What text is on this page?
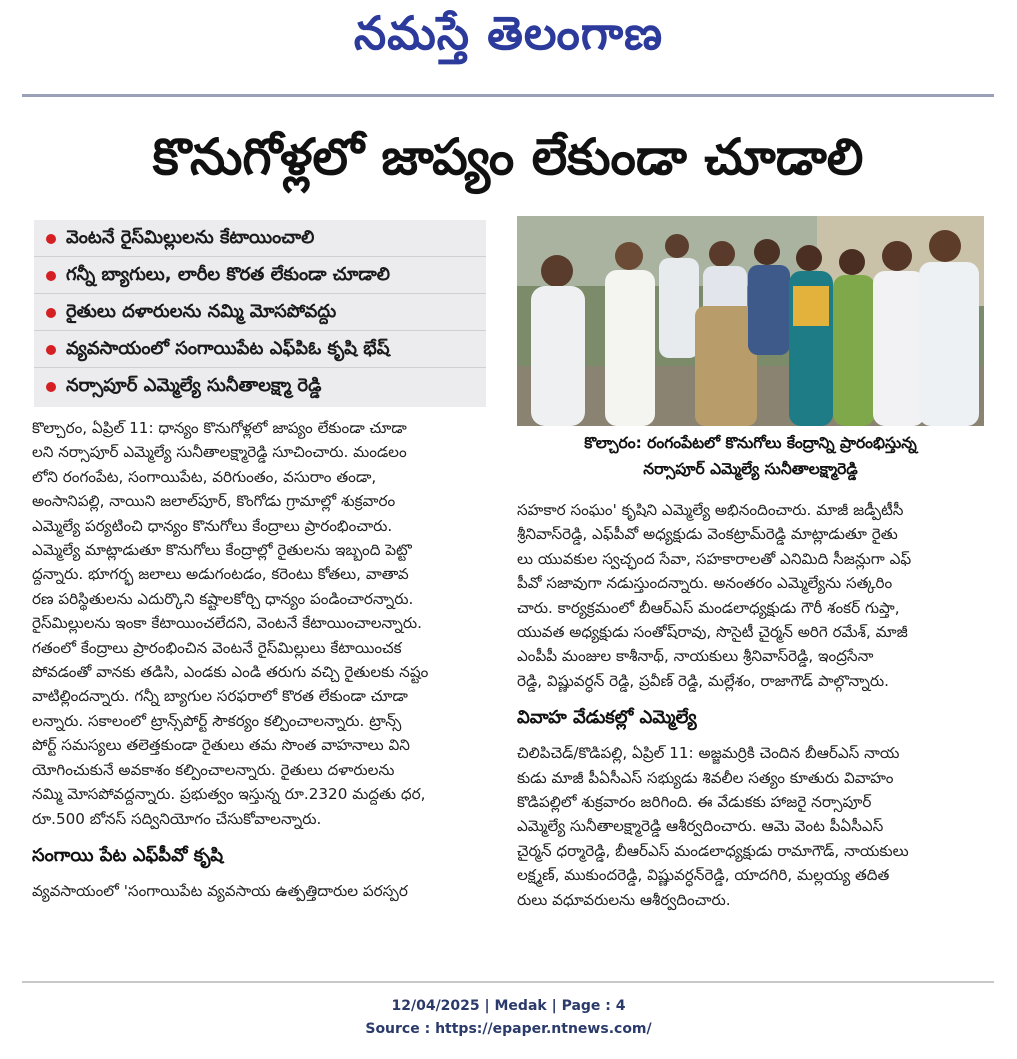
నమస్తే తెలంగాణ
కొనుగోళ్లలో జాప్యం లేకుండా చూడాలి
వెంటనే రైస్‌మిల్లులను కేటాయించాలి
గన్నీ బ్యాగులు, లారీల కొరత లేకుండా చూడాలి
రైతులు దళారులను నమ్మి మోసపోవద్దు
వ్యవసాయంలో సంగాయిపేట ఎఫ్‌పిఓ కృషి భేష్
నర్సాపూర్ ఎమ్మెల్యే సునీతాలక్ష్మా రెడ్డి
కొల్చారం: రంగంపేటలో కొనుగోలు కేంద్రాన్ని ప్రారంభిస్తున్న
నర్సాపూర్ ఎమ్మెల్యే సునీతాలక్ష్మారెడ్డి
కొల్చారం, ఏప్రిల్ 11: ధాన్యం కొనుగోళ్లలో జాప్యం లేకుండా చూడా
లని నర్సాపూర్ ఎమ్మెల్యే సునీతాలక్ష్మారెడ్డి సూచించారు. మండలం
లోని రంగంపేట, సంగాయిపేట, వరిగుంతం, వసురాం తండా,
అంసానిపల్లి, నాయిని జలాల్‌పూర్, కొంగోడు గ్రామాల్లో శుక్రవారం
ఎమ్మెల్యే పర్యటించి ధాన్యం కొనుగోలు కేంద్రాలు ప్రారంభించారు.
ఎమ్మెల్యే మాట్లాడుతూ కొనుగోలు కేంద్రాల్లో రైతులను ఇబ్బంది పెట్టొ
ద్దన్నారు. భూగర్భ జలాలు అడుగంటడం, కరెంటు కోతలు, వాతావ
రణ పరిస్థితులను ఎదుర్కొని కష్టాలకోర్చి ధాన్యం పండించారన్నారు.
రైస్‌మిల్లులను ఇంకా కేటాయించలేదని, వెంటనే కేటాయించాలన్నారు.
గతంలో కేంద్రాలు ప్రారంభించిన వెంటనే రైస్‌మిల్లులు కేటాయించక
పోవడంతో వానకు తడిసి, ఎండకు ఎండి తరుగు వచ్చి రైతులకు నష్టం
వాటిల్లిందన్నారు. గన్నీ బ్యాగుల సరఫరాలో కొరత లేకుండా చూడా
లన్నారు. సకాలంలో ట్రాన్స్‌పోర్ట్ సౌకర్యం కల్పించాలన్నారు. ట్రాన్స్
పోర్ట్ సమస్యలు తలెత్తకుండా రైతులు తమ సొంత వాహనాలు విని
యోగించుకునే అవకాశం కల్పించాలన్నారు. రైతులు దళారులను
నమ్మి మోసపోవద్దన్నారు. ప్రభుత్వం ఇస్తున్న రూ.2320 మద్దతు ధర,
రూ.500 బోనస్ సద్వినియోగం చేసుకోవాలన్నారు.
సంగాయి పేట ఎఫ్‌పీవో కృషి
వ్యవసాయంలో 'సంగాయిపేట వ్యవసాయ ఉత్పత్తిదారుల పరస్పర
సహకార సంఘం' కృషిని ఎమ్మెల్యే అభినందించారు. మాజీ జడ్పీటీసీ
శ్రీనివాస్‌రెడ్డి, ఎఫ్‌పీవో అధ్యక్షుడు వెంకట్రామ్‌రెడ్డి మాట్లాడుతూ రైతు
లు యువకుల స్వచ్ఛంద సేవా, సహకారాలతో ఎనిమిది సీజన్లుగా ఎఫ్
పీవో సజావుగా నడుస్తుందన్నారు. అనంతరం ఎమ్మెల్యేను సత్కరిం
చారు. కార్యక్రమంలో బీఆర్ఎస్ మండలాధ్యక్షుడు గౌరీ శంకర్ గుప్తా,
యువత అధ్యక్షుడు సంతోష్‌రావు, సొసైటీ చైర్మన్ అరిగె రమేశ్, మాజీ
ఎంపీపీ మంజుల కాశీనాథ్, నాయకులు శ్రీనివాస్‌రెడ్డి, ఇంద్రసేనా
రెడ్డి, విష్ణువర్ధన్ రెడ్డి, ప్రవీణ్ రెడ్డి, మల్లేశం, రాజాగౌడ్ పాల్గొన్నారు.
వివాహ వేడుకల్లో ఎమ్మెల్యే
చిలిపిచెడ్/కొడిపల్లి, ఏప్రిల్ 11: అజ్జమర్రికి చెందిన బీఆర్ఎస్ నాయ
కుడు మాజీ పీఏసీఎస్ సభ్యుడు శివలీల సత్యం కూతురు వివాహం
కొడిపల్లిలో శుక్రవారం జరిగింది. ఈ వేడుకకు హాజరై నర్సాపూర్
ఎమ్మెల్యే సునీతాలక్ష్మారెడ్డి ఆశీర్వదించారు. ఆమె వెంట పీఏసీఎస్
చైర్మన్ ధర్మారెడ్డి, బీఆర్ఎస్ మండలాధ్యక్షుడు రామాగౌడ్, నాయకులు
లక్ష్మణ్, ముకుందరెడ్డి, విష్ణువర్ధన్‌రెడ్డి, యాదగిరి, మల్లయ్య తదిత
రులు వధూవరులను ఆశీర్వదించారు.
12/04/2025 | Medak | Page : 4
Source : https://epaper.ntnews.com/
